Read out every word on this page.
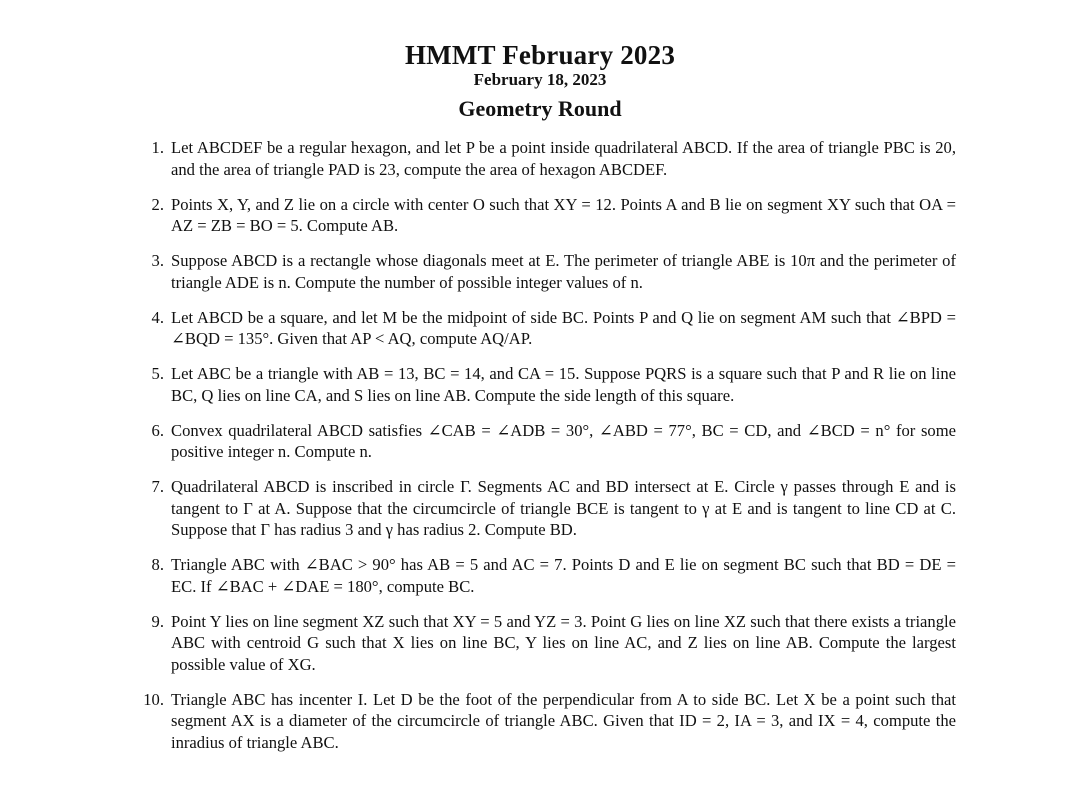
HMMT February 2023
February 18, 2023
Geometry Round
1. Let ABCDEF be a regular hexagon, and let P be a point inside quadrilateral ABCD. If the area of triangle PBC is 20, and the area of triangle PAD is 23, compute the area of hexagon ABCDEF.
2. Points X, Y, and Z lie on a circle with center O such that XY = 12. Points A and B lie on segment XY such that OA = AZ = ZB = BO = 5. Compute AB.
3. Suppose ABCD is a rectangle whose diagonals meet at E. The perimeter of triangle ABE is 10π and the perimeter of triangle ADE is n. Compute the number of possible integer values of n.
4. Let ABCD be a square, and let M be the midpoint of side BC. Points P and Q lie on segment AM such that ∠BPD = ∠BQD = 135°. Given that AP < AQ, compute AQ/AP.
5. Let ABC be a triangle with AB = 13, BC = 14, and CA = 15. Suppose PQRS is a square such that P and R lie on line BC, Q lies on line CA, and S lies on line AB. Compute the side length of this square.
6. Convex quadrilateral ABCD satisfies ∠CAB = ∠ADB = 30°, ∠ABD = 77°, BC = CD, and ∠BCD = n° for some positive integer n. Compute n.
7. Quadrilateral ABCD is inscribed in circle Γ. Segments AC and BD intersect at E. Circle γ passes through E and is tangent to Γ at A. Suppose that the circumcircle of triangle BCE is tangent to γ at E and is tangent to line CD at C. Suppose that Γ has radius 3 and γ has radius 2. Compute BD.
8. Triangle ABC with ∠BAC > 90° has AB = 5 and AC = 7. Points D and E lie on segment BC such that BD = DE = EC. If ∠BAC + ∠DAE = 180°, compute BC.
9. Point Y lies on line segment XZ such that XY = 5 and YZ = 3. Point G lies on line XZ such that there exists a triangle ABC with centroid G such that X lies on line BC, Y lies on line AC, and Z lies on line AB. Compute the largest possible value of XG.
10. Triangle ABC has incenter I. Let D be the foot of the perpendicular from A to side BC. Let X be a point such that segment AX is a diameter of the circumcircle of triangle ABC. Given that ID = 2, IA = 3, and IX = 4, compute the inradius of triangle ABC.
